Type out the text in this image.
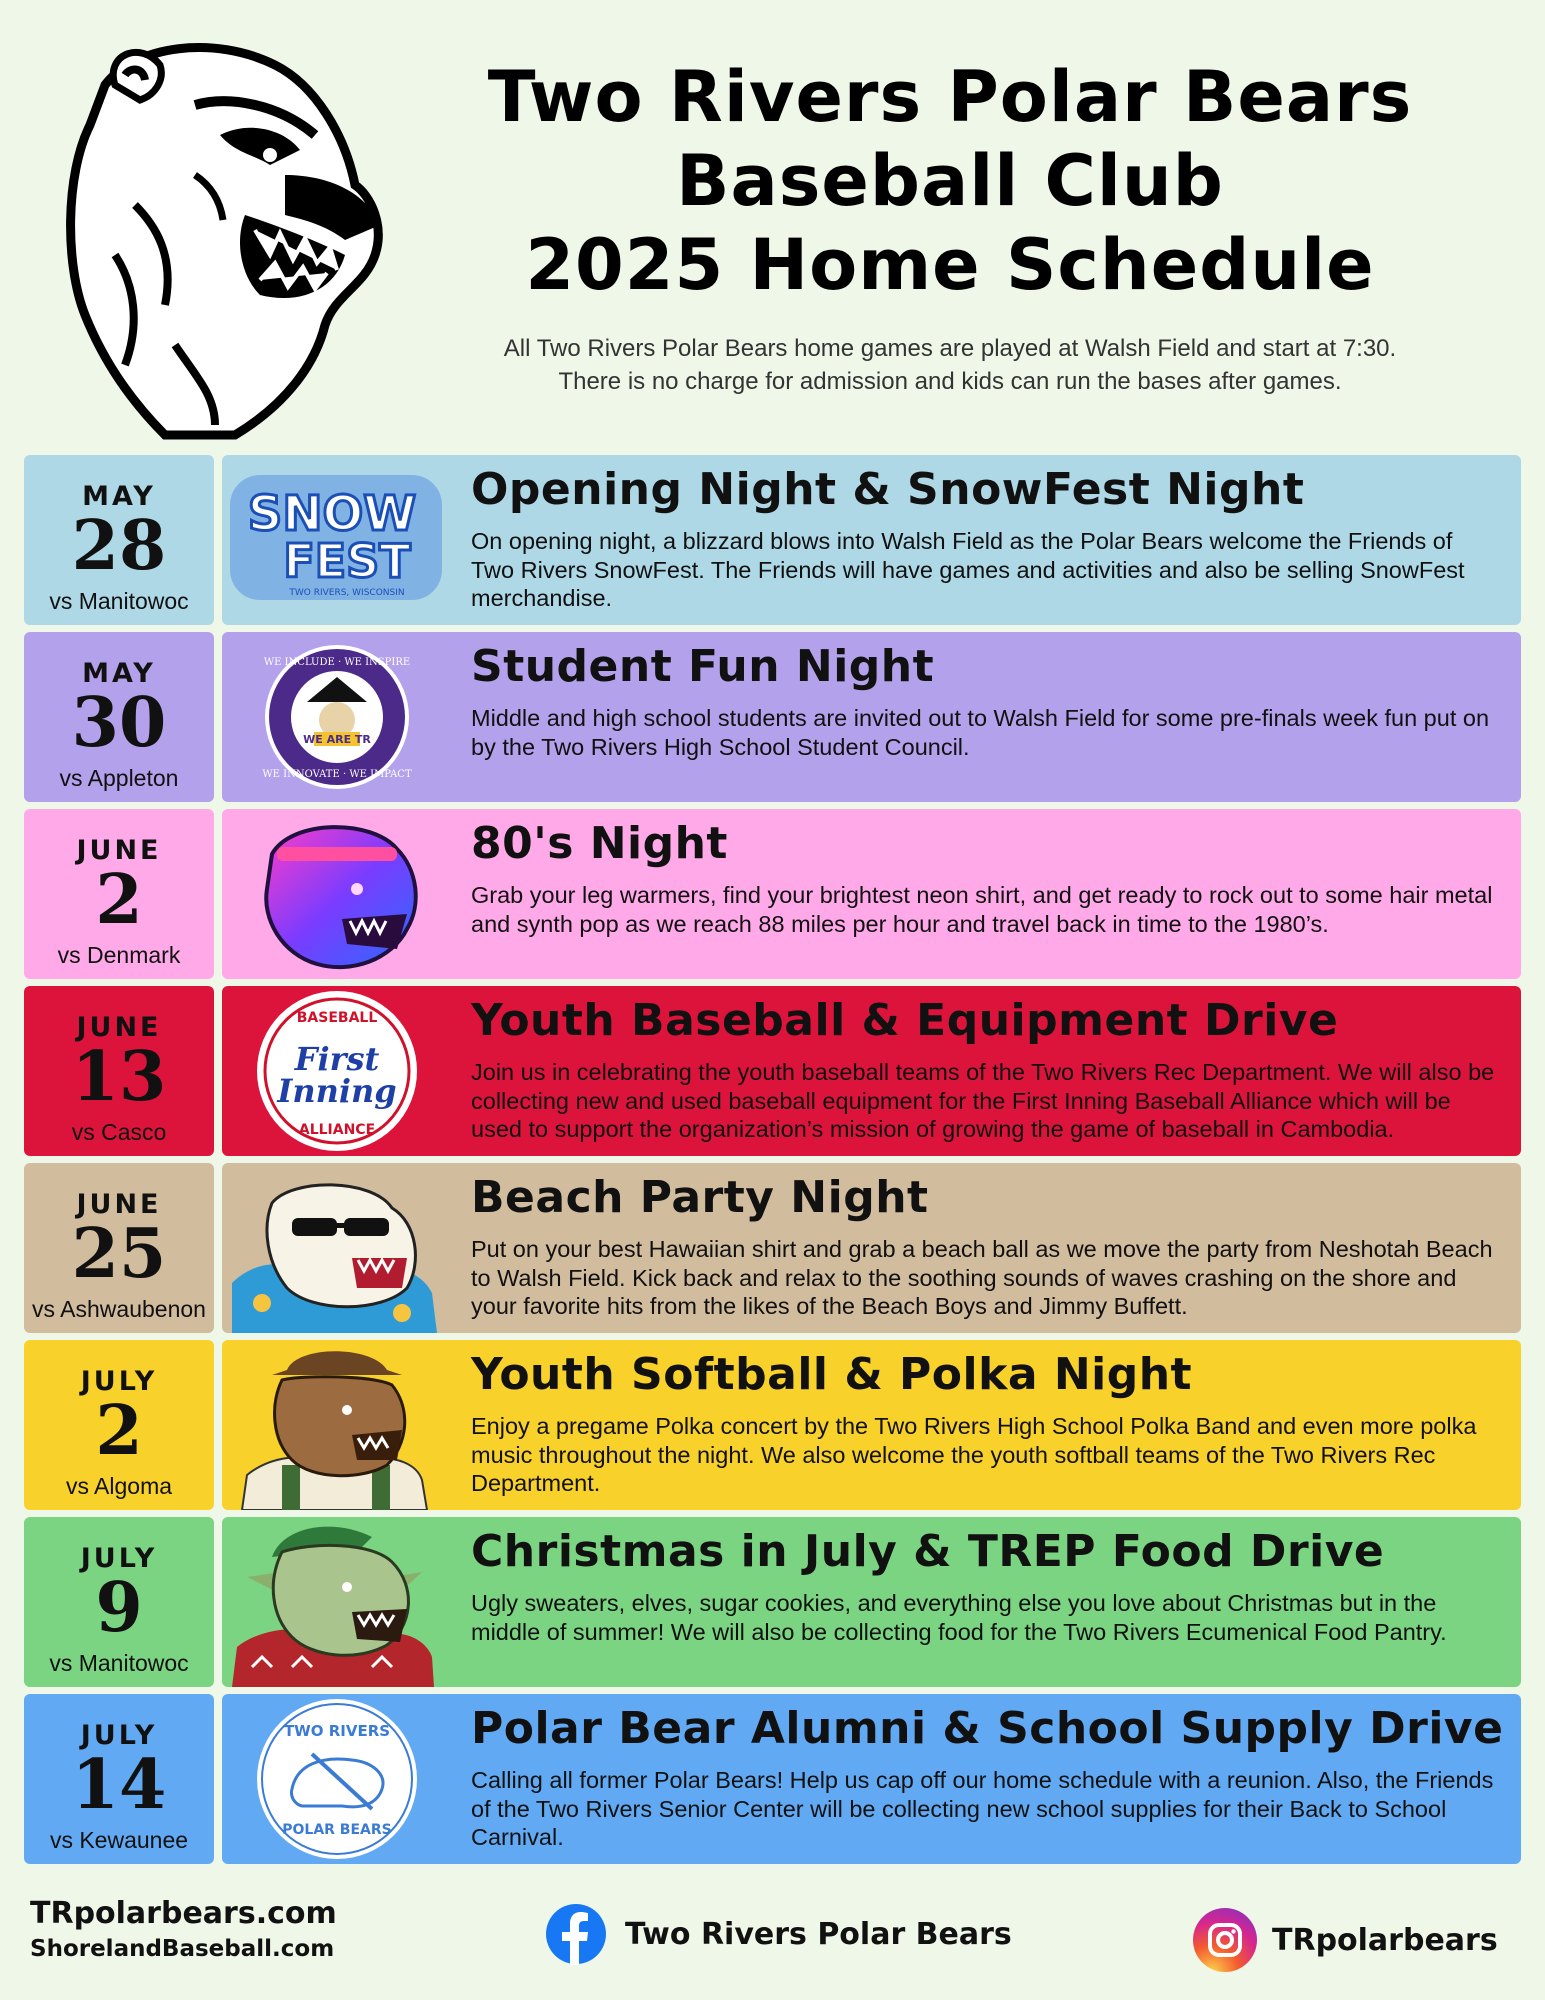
Two Rivers Polar Bears
Baseball Club
2025 Home Schedule
All Two Rivers Polar Bears home games are played at Walsh Field and start at 7:30.
There is no charge for admission and kids can run the bases after games.
MAY
28
vs Manitowoc
SNOW
FEST
TWO RIVERS, WISCONSIN
Opening Night & SnowFest Night
On opening night, a blizzard blows into Walsh Field as the Polar Bears welcome the Friends of Two Rivers SnowFest. The Friends will have games and activities and also be selling SnowFest merchandise.
MAY
30
vs Appleton
WE ARE TR
WE INCLUDE · WE INSPIRE
WE INNOVATE · WE IMPACT
Student Fun Night
Middle and high school students are invited out to Walsh Field for some pre-finals week fun put on by the Two Rivers High School Student Council.
JUNE
2
vs Denmark
80's Night
Grab your leg warmers, find your brightest neon shirt, and get ready to rock out to some hair metal and synth pop as we reach 88 miles per hour and travel back in time to the 1980’s.
JUNE
13
vs Casco
BASEBALL
First
Inning
ALLIANCE
Youth Baseball & Equipment Drive
Join us in celebrating the youth baseball teams of the Two Rivers Rec Department. We will also be collecting new and used baseball equipment for the First Inning Baseball Alliance which will be used to support the organization’s mission of growing the game of baseball in Cambodia.
JUNE
25
vs Ashwaubenon
Beach Party Night
Put on your best Hawaiian shirt and grab a beach ball as we move the party from Neshotah Beach to Walsh Field. Kick back and relax to the soothing sounds of waves crashing on the shore and your favorite hits from the likes of the Beach Boys and Jimmy Buffett.
JULY
2
vs Algoma
Youth Softball & Polka Night
Enjoy a pregame Polka concert by the Two Rivers High School Polka Band and even more polka music throughout the night. We also welcome the youth softball teams of the Two Rivers Rec Department.
JULY
9
vs Manitowoc
Christmas in July & TREP Food Drive
Ugly sweaters, elves, sugar cookies, and everything else you love about Christmas but in the middle of summer! We will also be collecting food for the Two Rivers Ecumenical Food Pantry.
JULY
14
vs Kewaunee
TWO RIVERS
POLAR BEARS
Polar Bear Alumni & School Supply Drive
Calling all former Polar Bears! Help us cap off our home schedule with a reunion. Also, the Friends of the Two Rivers Senior Center will be collecting new school supplies for their Back to School Carnival.
TRpolarbears.com
ShorelandBaseball.com	Two Rivers Polar Bears	TRpolarbears
